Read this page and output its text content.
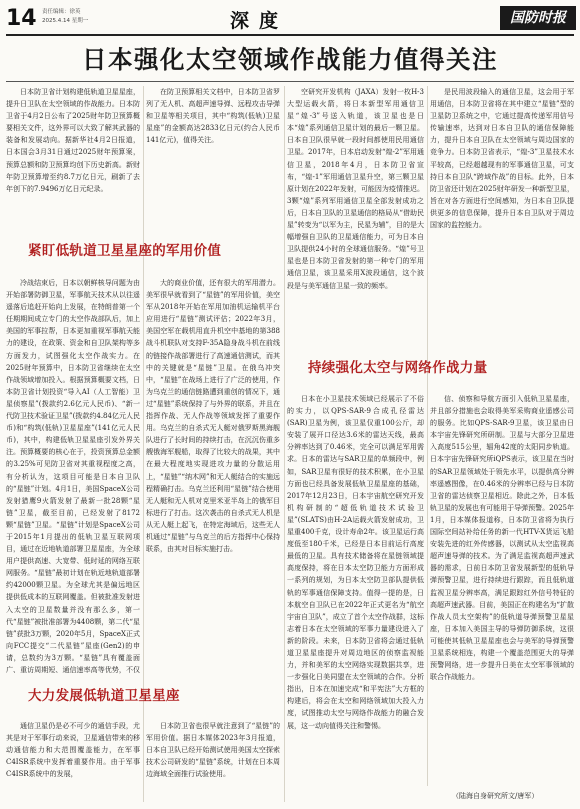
14 责任编辑：徐英
2025.4.14 星期一	深度	国防时报
日本强化太空领域作战能力值得关注

日本防卫省计划构建低轨道卫星星座，提升日卫队在太空领域的作战能力。日本防卫省于4月2日公布了2025财年防卫预算概要相关文件，这外界可以大致了解其武器的装备和发展动向。据新华社4月2日报道，日本国会3月31日通过2025财年预算案，预算总额和防卫预算均创下历史新高。新财年防卫预算增至约8.7万亿日元，刷新了去年创下的7.9496万亿日元纪录。

在防卫预算相关文档中，日本防卫省罗列了无人机、高超声速导弹、远程攻击导弹和卫星等相关项目，其中“构筑(低轨)卫星星座”的金额高达2833亿日元(约合人民币141亿元)，值得关注。

紧盯低轨道卫星星座的军用价值

冷战结束后，日本以朝鲜核导问题为由开始部署防御卫星，军事航天技术从以往遥遥落后追赶开始向上发展，在特朗普第一个任期期间成立专门的太空作战部队后，加上美国的军事拉帮，日本更加重视军事航天能力的建设，在政策、资金和自卫队架构等多方面发力，试图强化太空作战实力。在2025财年预算中，日本防卫省继续在太空作战领域增加投入。根据预算概要文档，日本防卫省计划投资“导入AI（人工智能）卫星侦察星”(拨款约2.6亿元人民币)、“新一代防卫技术验证卫星”(拨款约4.84亿元人民币)和“构筑(低轨)卫星星座”(141亿元人民币)，其中，构建低轨卫星星座引发外界关注。预算概要的核心在于，投资预算总金额的3.25%可见防卫省对其重视程度之高，有分析认为，这项目可能是日本自卫队的“星链”计划。4月1日，美国SpaceX公司发射猎鹰9火箭发射了最新一批28颗“星链”卫星，截至目前，已经发射了8172颗“星链”卫星。“星链”计划是SpaceX公司于2015年1月提出的低轨卫星互联网项目，通过在近地轨道部署卫星星座，为全球用户提供高速、大宽带、低时延的网络互联网服务。“星链”最初计划在轨近地轨道部署约42000颗卫星。为全球尤其是偏远地区提供低成本的互联网覆盖。但被批准发射进入太空的卫星数量并没有那么多，第一代“星链”被批准部署为4408颗，第二代“星链”获批3万颗，2020年5月，SpaceX正式向FCC提交“二代星链”星座(Gen2)的申请，总数约为3万颗。“星链”具有覆盖面广、重访周期短、通信速率高等优势，不仅

大的商业价值，还有很大的军用潜力。美军很早就看到了“星链”的军用价值，美空军从2018年开始在军用加油机运输机平台应用进行“星链”测试评估；2022年3月，美国空军在载机用直升机空中基地的第388战斗机联队对支持F-35A隐身战斗机在前线的链接作战部署进行了高速通信测试，而其中的关键就是“星链”卫星。在俄乌冲突中，“星链”在战场上进行了广泛的使用，作为乌克兰的通信链路遭到重创的情况下，通过“星链”系统保持了与外界的联系，并且在指挥作战、无人作战等领域发挥了重要作用。乌克兰的自杀式无人艇对俄罗斯黑海舰队进行了长时间的持续打击，在沉沉伤重多艘俄海军舰船，取得了比较大的战果，其中在最大程度地实现进攻力量的分散运用上，“星链”“纳木网”和无人艇结合的实施远程精确打击。乌克兰还利用“星链”结合使用无人艇和无人机对克里米亚半岛上的俄军目标进行了打击。这次袭击的自杀式无人机是从无人艇上起飞，在特定海域后，这些无人机通过“星链”与乌克兰的后方指挥中心保持联系，由其对目标实施打击。

大力发展低轨道卫星星座

通信卫星仍是必不可少的通信手段，尤其是对于军事行动来说，卫星通信带来的移动通信能力和大范围覆盖能力，在军事C4ISR系统中发挥着重要作用。由于军事C4ISR系统中的发展，

日本防卫省也很早就注意到了“星链”的军用价值。据日本媒体2023年3月报道，日本自卫队已经开始测试使用美国太空探索技术公司研发的“星链”系统，计划在日本周边海域全面推行试验使用。

空研究开发机构（JAXA）发射一枚H-3大型运载火箭，将日本新型军用通信卫星“煌-3”号送入轨道，该卫星也是日本“煌”系列通信卫星计划的最后一颗卫星。日本自卫队很早就一段时间都使用民用通信卫星。2017年，日本启动发射“煌-2”军用通信卫星，2018年4月，日本防卫省宣布，“煌-1”军用通信卫星升空，第三颗卫星原计划在2022年发射，可能因为疫情推迟。3颗“煌”系列军用通信卫星全部发射成功之后，日本自卫队的卫星通信的格局从“借助民星”转变为“以军为主，民星为辅”，目的是大幅增强自卫队的卫星通信能力，可为日本自卫队提供24小时的全球通信服务。“煌”号卫星也是日本防卫省发射的第一种专门的军用通信卫星，该卫星采用X波段通信，这个波段是与美军通信卫星一致的频率。

是民用波段输入的通信卫星，这会用于军用通信，日本防卫省将在其中建立“星链”型的卫星防卫系统之中，它通过提高传递军用信号传输速率，达到对日本自卫队的通信保障能力，提升日本自卫队在太空领域与周边国家的竞争力。日本防卫省表示，“煌-3”卫星技术水平较高，已经超越现有的军事通信卫星，可支持日本自卫队“跨域作战”的目标。此外，日本防卫省还计划在2025财年研发一种新型卫星，旨在对各方面进行空间感知，为日本自卫队提供更多的信息保障，提升日本自卫队对于周边国家的监控能力。

持续强化太空与网络作战力量

日本在小卫星技术领域已经展示了不俗的实力，以QPS-SAR-9合成孔径雷达(SAR)卫星为例，该卫星仅重100公斤，却安装了展开口径达3.6米的雷达天线，最高分辨率达到了0.46米，完全可以满足军用需求。日本的雷达与SAR卫星的单频段中，例如，SAR卫星有很好的技术积累，在小卫星方面也已经具备发展低轨卫星星座的基础，2017年12月23日，日本宇宙航空研究开发机构研制的“超低轨道技术试验卫星”(SLATS)由H-2A运载火箭发射成功，卫星重400千克，设计寿命2年。该卫星运行高度低至180千米，已经是日本目前运行高度最低的卫星。具有技术储备将在星链领域提高度保持，将在日本太空防卫能力方面形成一系列的规划，为日本太空防卫部队提供低轨的军事通信保障支持。值得一提的是，日本航空自卫队已在2022年正式更名为“航空宇宙自卫队”，成立了首个太空作战群，这标志着日本在太空领域的军事力量建设进入了新的阶段。未来，日本防卫省将会通过低轨道卫星星座提升对周边地区的侦察监视能力，并和美军的太空网络实现数据共享，进一步强化日美同盟在太空领域的合作。分析指出，日本在加速完成“和平宪法”大方框的构建后，将会在太空和网络领域加大投入力度，试图推动太空与网络作战能力的融合发展，这一动向值得关注和警惕。

信、侦察和导航方面引入低轨卫星星座，并且部分措施也会取得美军采购商业遥感公司的服务。比如QPS-SAR-9卫星，该卫星由日本宇宙先锋研究所研制。卫星与大部分卫星进入高度515公里，辐角42度的太阳同步轨道。日本宇宙先锋研究所iQPS表示，该卫星在当时的SAR卫星领域处于领先水平，以提供高分辨率遥感图像，在0.46米的分辨率已经与日本防卫省的雷达侦察卫星相近。除此之外，日本低轨卫星的发展也有可能用于导弹预警。2025年1月，日本媒体报道称，日本防卫省将为执行国际空间站补给任务的新一代HTV-X货运飞船安装先进的红外传感器，以测试从太空监视高超声速导弹的技术。为了满足监视高超声速武器的需求，日前日本防卫省发展新型的低轨导弹预警卫星，进行持续进行跟踪，而且低轨道监视卫星分辨率高，满足跟踪红外信号特征的高超声速武器。目前，美国正在构建名为“扩散作战人员太空架构”的低轨道导弹预警卫星星座，日本加入美国主导的导弹防御系统，这很可能使其低轨卫星星座也会与美军的导弹预警卫星系统相连，构建一个覆盖范围更大的导弹预警网络，进一步提升日美在太空军事领域的联合作战能力。

（陆海自身研究所文/唐军）
